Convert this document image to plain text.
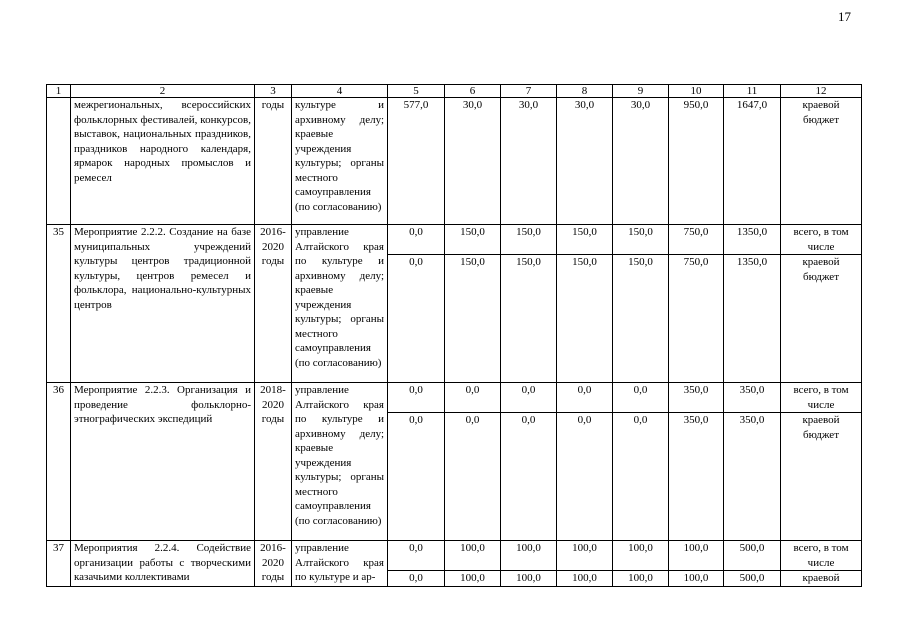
17
1	2	3	4	5	6	7	8	9	10	11	12
	межрегиональных, всероссийских фольклорных фестивалей, конкурсов, выставок, национальных праздников, праздников народного календаря, ярмарок народных промыслов и ремесел	годы	культуре и архивному делу; краевые учреждения культуры; органы местного самоуправления (по согласованию)	577,0	30,0	30,0	30,0	30,0	950,0	1647,0	краевой бюджет
35	Мероприятие 2.2.2. Создание на базе муниципальных учреждений культуры центров традиционной культуры, центров ремесел и фольклора, национально-культурных центров	2016-2020 годы	управление Алтайского края по культуре и архивному делу; краевые учреждения культуры; органы местного самоуправления (по согласованию)	0,0	150,0	150,0	150,0	150,0	750,0	1350,0	всего, в том числе
				0,0	150,0	150,0	150,0	150,0	750,0	1350,0	краевой бюджет
36	Мероприятие 2.2.3. Организация и проведение фольклорно-этнографических экспедиций	2018-2020 годы	управление Алтайского края по культуре и архивному делу; краевые учреждения культуры; органы местного самоуправления (по согласованию)	0,0	0,0	0,0	0,0	0,0	350,0	350,0	всего, в том числе
				0,0	0,0	0,0	0,0	0,0	350,0	350,0	краевой бюджет
37	Мероприятия 2.2.4. Содействие организации работы с творческими казачьими коллективами	2016-2020 годы	управление Алтайского края по культуре и ар-	0,0	100,0	100,0	100,0	100,0	100,0	500,0	всего, в том числе
				0,0	100,0	100,0	100,0	100,0	100,0	500,0	краевой
